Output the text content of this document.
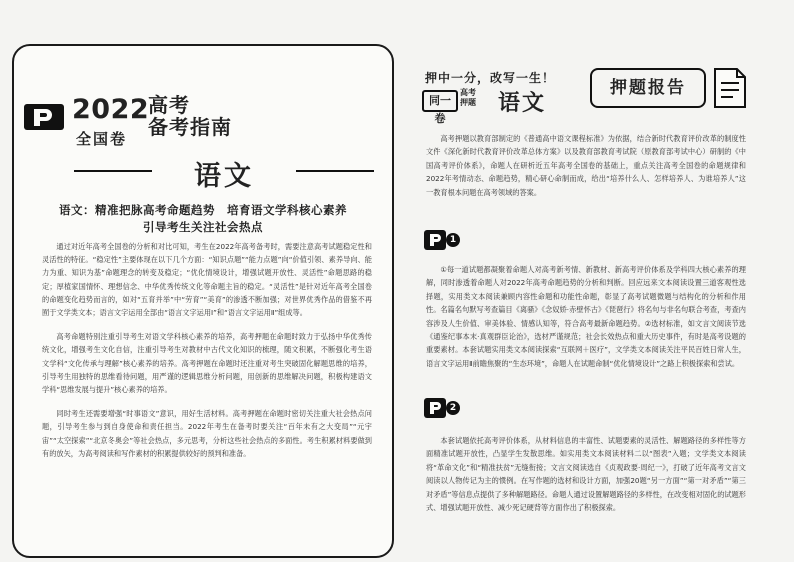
2022
全国卷
高考
备考指南
语文
语文：精准把脉高考命题趋势　培育语文学科核心素养
引导考生关注社会热点

通过对近年高考全国卷的分析和对比可知，考生在2022年高考备考时，需要注意高考试题稳定性和灵活性的特征。“稳定性”主要体现在以下几个方面：“知识点题”“能力点题”向“价值引领、素养导向、能力为重、知识为基”命题理念的转变及稳定；“优化情境设计，增强试题开放性、灵活性”命题思路的稳定；厚植家国情怀、理想信念、中华优秀传统文化等命题主旨的稳定。“灵活性”是针对近年高考全国卷的命题变化趋势而言的，如对“五育并举”中“劳育”“美育”的渗透不断加强；对世界优秀作品的借鉴不再囿于文学类文本；语言文字运用全部由“语言文字运用Ⅰ”和“语言文字运用Ⅱ”组成等。

高考命题特别注重引导考生对语文学科核心素养的培养，高考押题在命题时致力于弘扬中华优秀传统文化，增强考生文化自信，注重引导考生对教材中古代文化知识的梳理，随文积累，不断强化考生语文学科“文化传承与理解”核心素养的培养。高考押题在命题时还注重对考生突破固化解题思维的培养，引导考生用独特的思维看待问题，用严谨的逻辑思维分析问题，用创新的思维解决问题，积极构建语文学科“思维发展与提升”核心素养的培养。

同时考生还需要增强“时事语文”意识，用好生活材料。高考押题在命题时密切关注重大社会热点问题，引导考生参与到自身使命和责任担当。2022年考生在备考时要关注“百年未有之大变局”“元宇宙”“太空探索”“北京冬奥会”等社会热点，多元思考，分析这些社会热点的多面性。考生积累材料要做到有的放矢，为高考阅读和写作素材的积累提供较好的预判和准备。

押中一分，改写一生！
同一卷
高考
押题 语文
押题报告

高考押题以教育部制定的《普通高中语文课程标准》为依据，结合新时代教育评价改革的制度性文件《深化新时代教育评价改革总体方案》以及教育部教育考试院（原教育部考试中心）研制的《中国高考评价体系》，命题人在研析近五年高考全国卷的基础上，重点关注高考全国卷的命题规律和2022年考情动态、命题趋势，精心研心命制而成，给出“培养什么人、怎样培养人、为谁培养人”这一教育根本问题在高考领域的答案。

1

①每一道试题都凝聚着命题人对高考新考情、新教材、新高考评价体系及学科四大核心素养的理解，同时渗透着命题人对2022年高考命题趋势的分析和判断。回应远来文本阅读设置三道客观性选择题，实用类文本阅读兼顾内容性命题和功能性命题，彰显了高考试题微题与结构化的分析和作用性。名篇名句默写考查篇目《离骚》《念奴娇·赤壁怀古》《琵琶行》将名句与非名句联合考查，考查内容涉及人生价值、审美体验、情感认知等，符合高考最新命题趋势。②选材标准，如文言文阅读节选《通鉴纪事本末·真观群臣论治》，选材严谨规范；社会长效热点和重大历史事件，有时是高考设题的重要素材。本套试题实用类文本阅读探索“互联网＋医疗”，文学类文本阅读关注平民百姓日常人生，语言文字运用Ⅱ前瞻焦聚的“生态环境”，命题人在试题命制“优化情境设计”之路上积极探索和尝试。

2

本套试题依托高考评价体系，从材料信息的丰富性、试题要素的灵活性、解题路径的多样性等方面精准试题开放性，凸显学生发散思维。如实用类文本阅读材料二以“图表”入题；文学类文本阅读将“革命文化”和“精准扶贫”无缝衔接；文言文阅读选自《贞观政要·周纪一》，打破了近年高考文言文阅读以人物传记为主的惯例。在写作题的选材和设计方面，加强20题“另一方面”“第一对矛盾”“第三对矛盾”等信息点提供了多种解题路径。命题人通过设置解题路径的多样性，在改变相对固化的试题形式、增强试题开放性、减少死记硬背等方面作出了积极探索。
